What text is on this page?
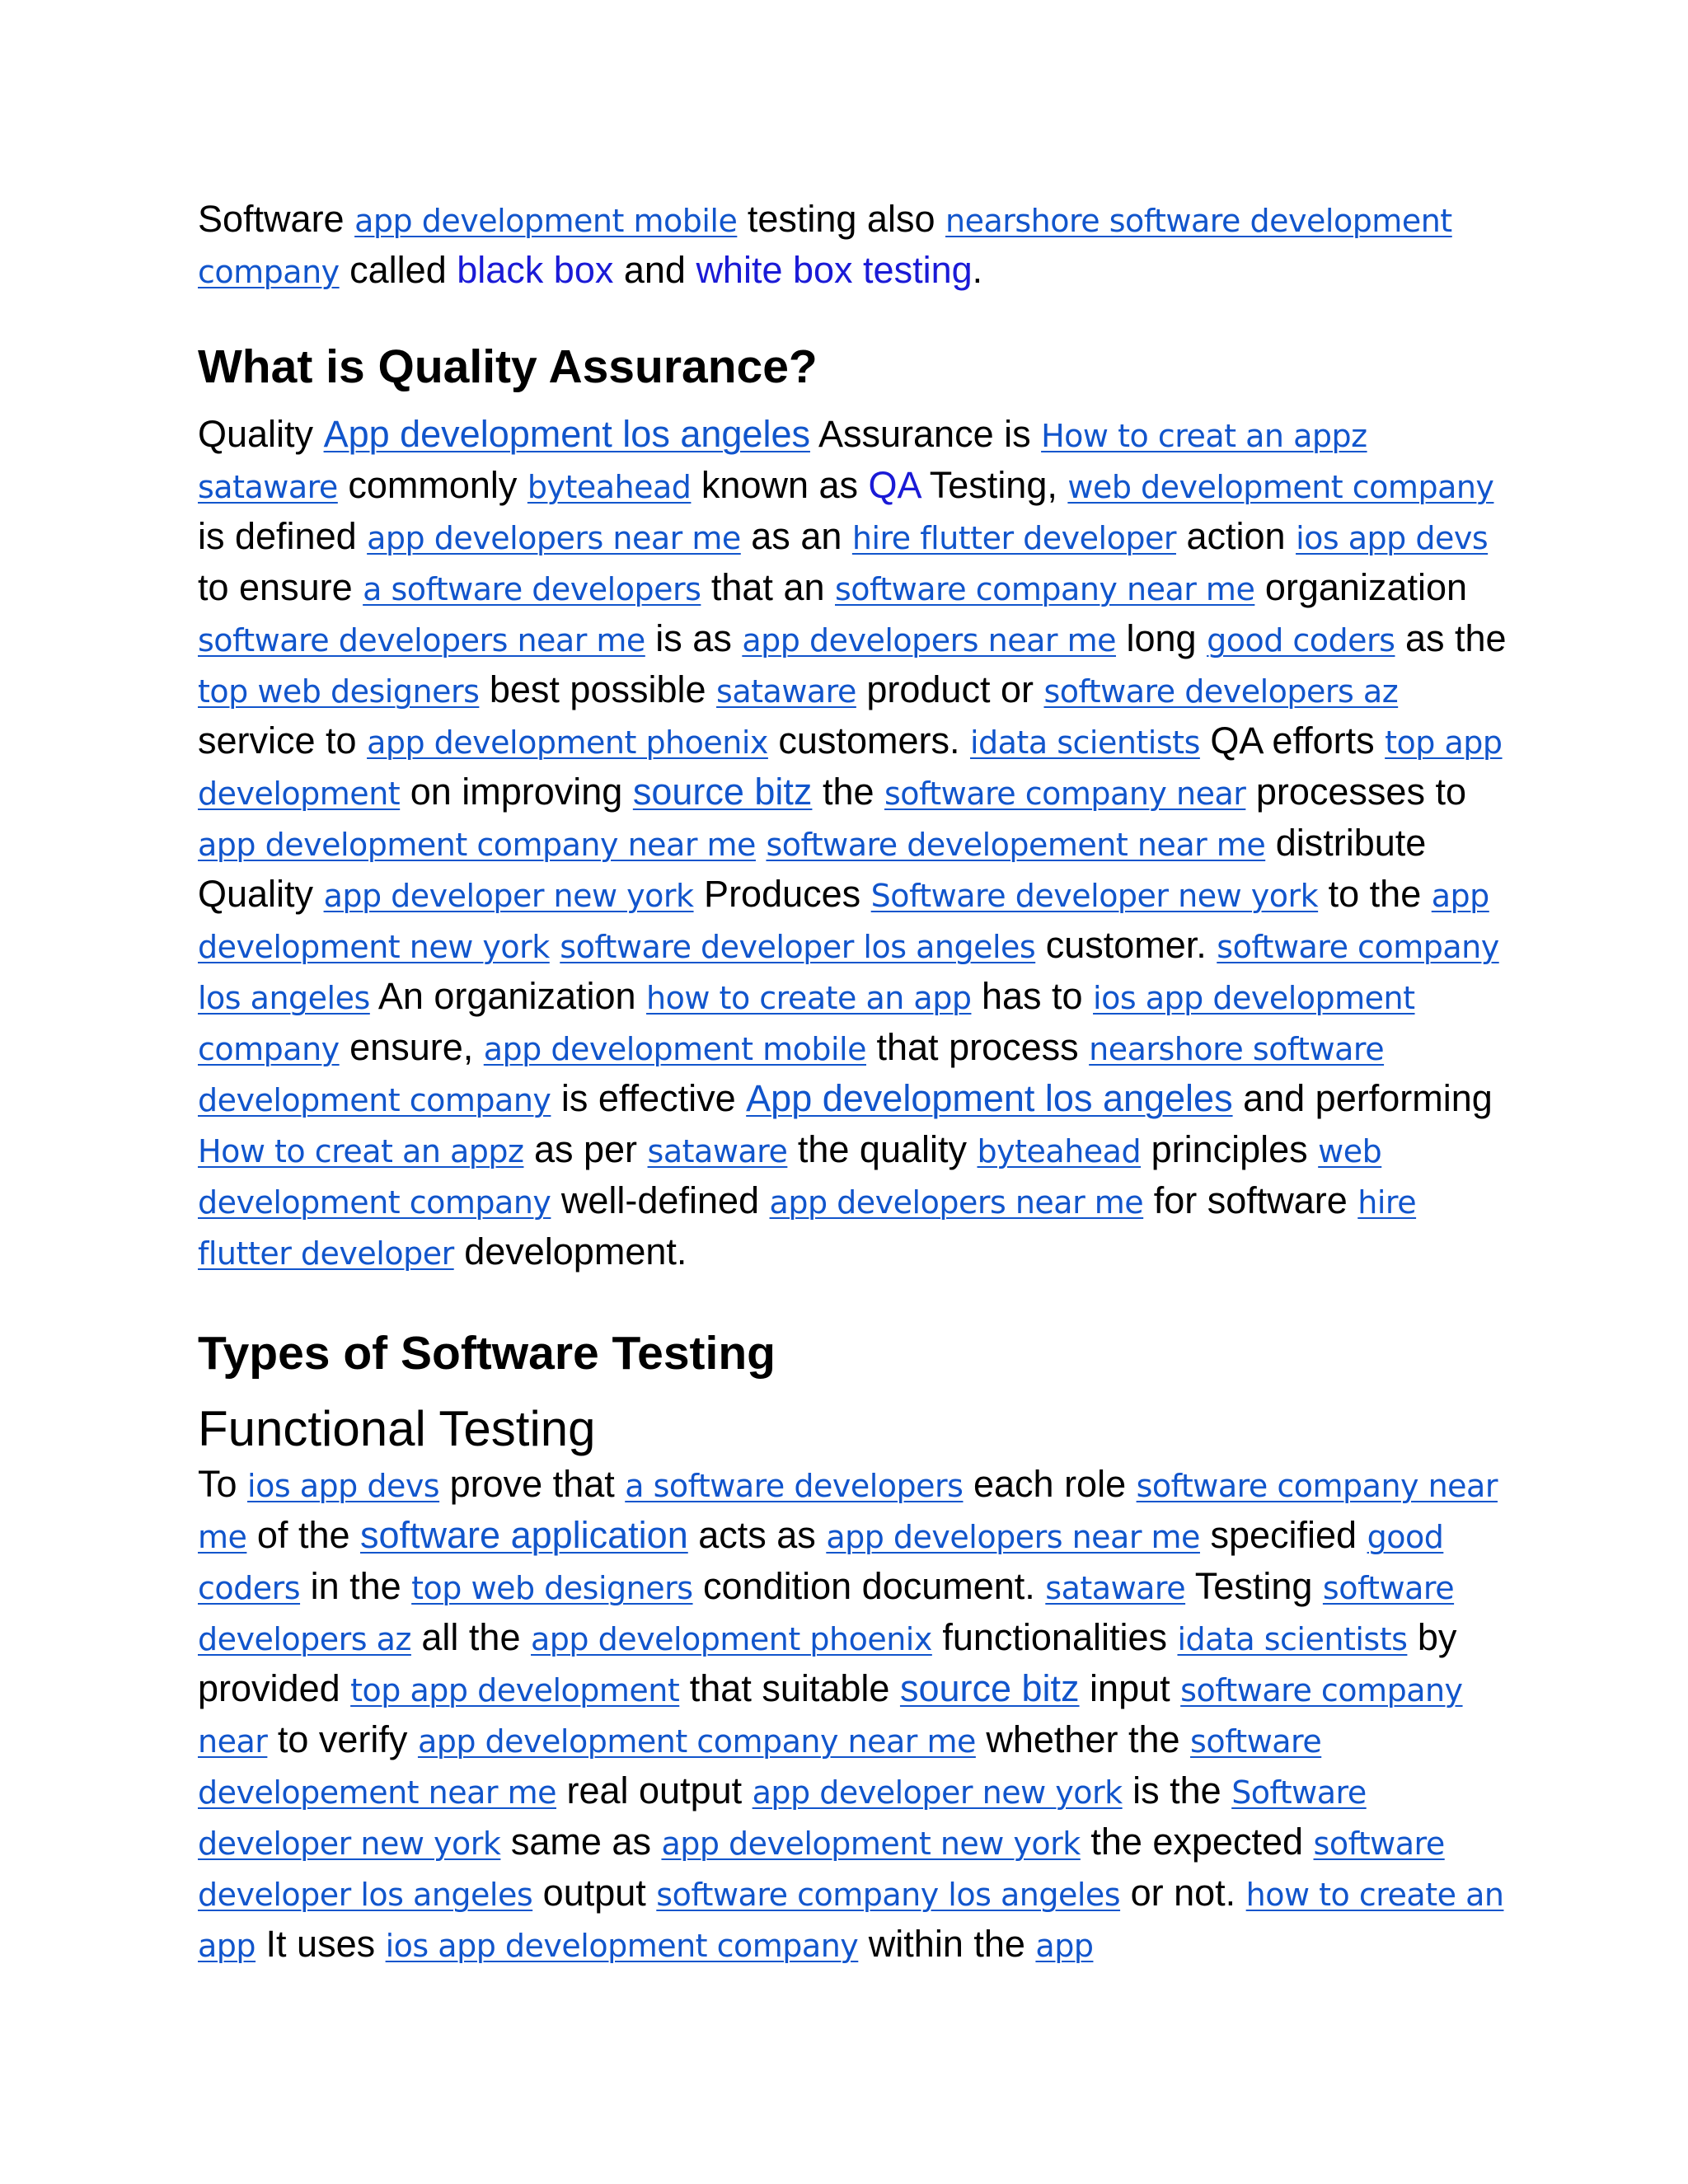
Software app development mobile testing also nearshore software development company called black box and white box testing.

What is Quality Assurance?

Quality App development los angeles Assurance is How to creat an appz sataware commonly byteahead known as QA Testing, web development company is defined app developers near me as an hire flutter developer action ios app devs to ensure a software developers that an software company near me organization software developers near me is as app developers near me long good coders as the top web designers best possible sataware product or software developers az service to app development phoenix customers. idata scientists QA efforts top app development on improving source bitz the software company near processes to app development company near me software developement near me distribute Quality app developer new york Produces Software developer new york to the app development new york software developer los angeles customer. software company los angeles An organization how to create an app has to ios app development company ensure, app development mobile that process nearshore software development company is effective App development los angeles and performing How to creat an appz as per sataware the quality byteahead principles web development company well-defined app developers near me for software hire flutter developer development.

Types of Software Testing
Functional Testing

To ios app devs prove that a software developers each role software company near me of the software application acts as app developers near me specified good coders in the top web designers condition document. sataware Testing software developers az all the app development phoenix functionalities idata scientists by provided top app development that suitable source bitz input software company near to verify app development company near me whether the software developement near me real output app developer new york is the Software developer new york same as app development new york the expected software developer los angeles output software company los angeles or not. how to create an app It uses ios app development company within the app
